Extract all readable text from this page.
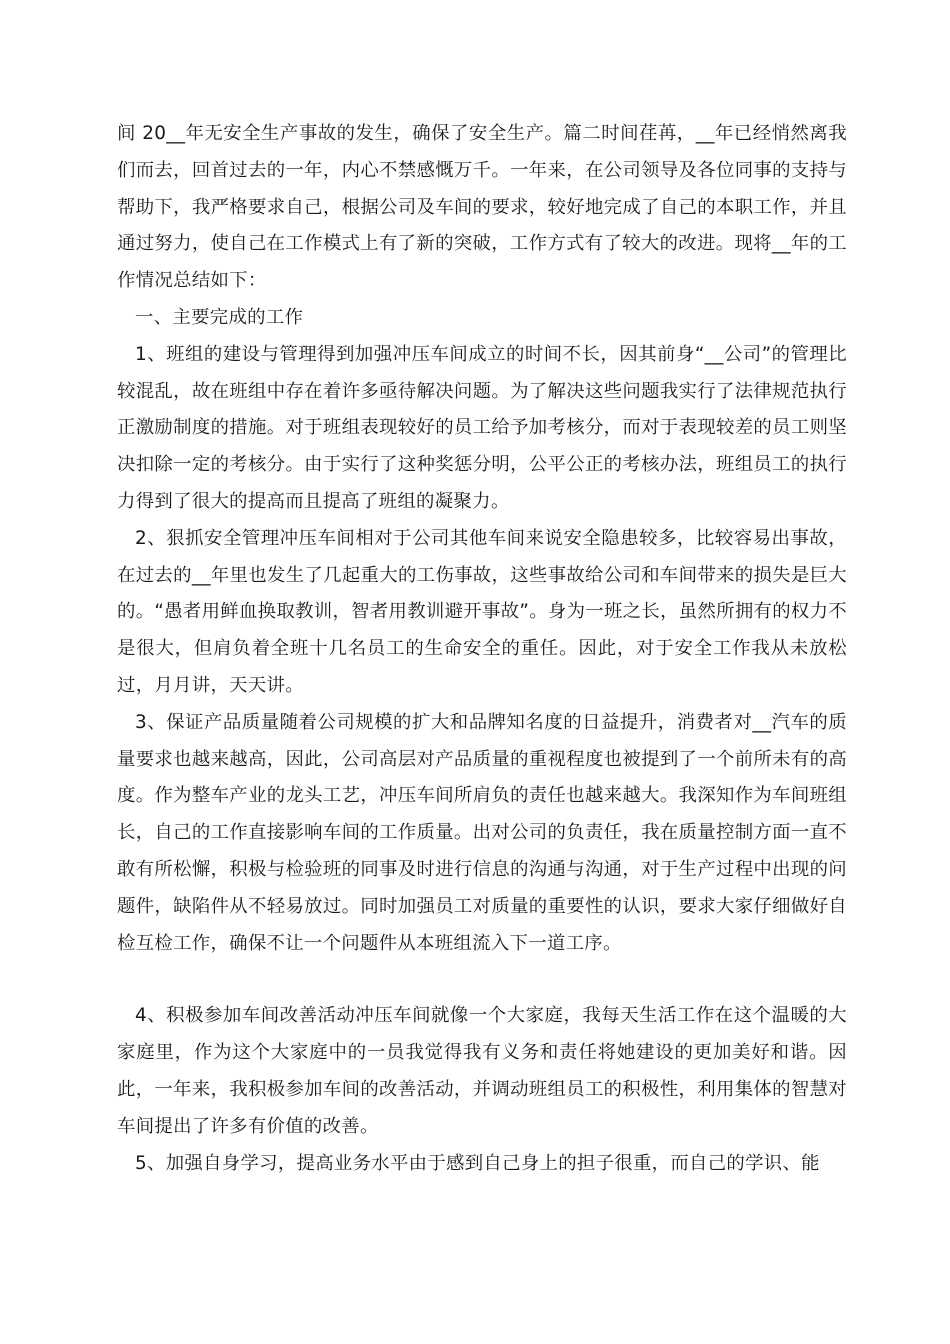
间 20__年无安全生产事故的发生，确保了安全生产。篇二时间荏苒，__年已经悄然离我们而去，回首过去的一年，内心不禁感慨万千。一年来，在公司领导及各位同事的支持与帮助下，我严格要求自己，根据公司及车间的要求，较好地完成了自己的本职工作，并且通过努力，使自己在工作模式上有了新的突破，工作方式有了较大的改进。现将__年的工作情况总结如下：

一、主要完成的工作

1、班组的建设与管理得到加强冲压车间成立的时间不长，因其前身“__公司”的管理比较混乱，故在班组中存在着许多亟待解决问题。为了解决这些问题我实行了法律规范执行正激励制度的措施。对于班组表现较好的员工给予加考核分，而对于表现较差的员工则坚决扣除一定的考核分。由于实行了这种奖惩分明，公平公正的考核办法，班组员工的执行力得到了很大的提高而且提高了班组的凝聚力。

2、狠抓安全管理冲压车间相对于公司其他车间来说安全隐患较多，比较容易出事故，在过去的__年里也发生了几起重大的工伤事故，这些事故给公司和车间带来的损失是巨大的。“愚者用鲜血换取教训，智者用教训避开事故”。身为一班之长，虽然所拥有的权力不是很大，但肩负着全班十几名员工的生命安全的重任。因此，对于安全工作我从未放松过，月月讲，天天讲。

3、保证产品质量随着公司规模的扩大和品牌知名度的日益提升，消费者对__汽车的质量要求也越来越高，因此，公司高层对产品质量的重视程度也被提到了一个前所未有的高度。作为整车产业的龙头工艺，冲压车间所肩负的责任也越来越大。我深知作为车间班组长，自己的工作直接影响车间的工作质量。出对公司的负责任，我在质量控制方面一直不敢有所松懈，积极与检验班的同事及时进行信息的沟通与沟通，对于生产过程中出现的问题件，缺陷件从不轻易放过。同时加强员工对质量的重要性的认识，要求大家仔细做好自检互检工作，确保不让一个问题件从本班组流入下一道工序。

4、积极参加车间改善活动冲压车间就像一个大家庭，我每天生活工作在这个温暖的大家庭里，作为这个大家庭中的一员我觉得我有义务和责任将她建设的更加美好和谐。因此，一年来，我积极参加车间的改善活动，并调动班组员工的积极性，利用集体的智慧对车间提出了许多有价值的改善。

5、加强自身学习，提高业务水平由于感到自己身上的担子很重，而自己的学识、能
